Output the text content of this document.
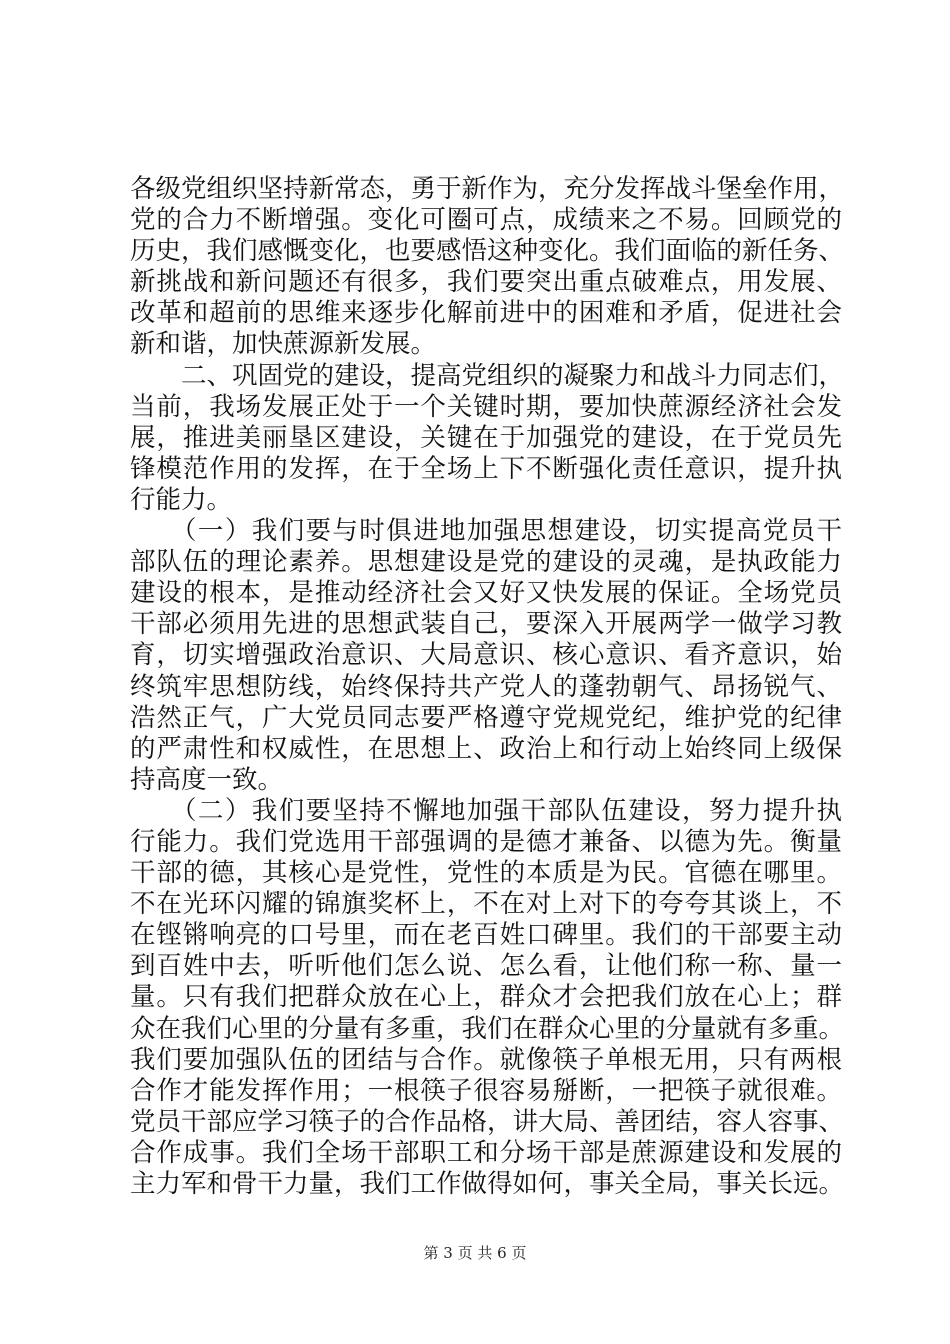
各级党组织坚持新常态，勇于新作为，充分发挥战斗堡垒作用，
党的合力不断增强。变化可圈可点，成绩来之不易。回顾党的
历史，我们感慨变化，也要感悟这种变化。我们面临的新任务、
新挑战和新问题还有很多，我们要突出重点破难点，用发展、
改革和超前的思维来逐步化解前进中的困难和矛盾，促进社会
新和谐，加快蔗源新发展。
　　二、巩固党的建设，提高党组织的凝聚力和战斗力同志们，
当前，我场发展正处于一个关键时期，要加快蔗源经济社会发
展，推进美丽垦区建设，关键在于加强党的建设，在于党员先
锋模范作用的发挥，在于全场上下不断强化责任意识，提升执
行能力。
　　（一）我们要与时俱进地加强思想建设，切实提高党员干
部队伍的理论素养。思想建设是党的建设的灵魂，是执政能力
建设的根本，是推动经济社会又好又快发展的保证。全场党员
干部必须用先进的思想武装自己，要深入开展两学一做学习教
育，切实增强政治意识、大局意识、核心意识、看齐意识，始
终筑牢思想防线，始终保持共产党人的蓬勃朝气、昂扬锐气、
浩然正气，广大党员同志要严格遵守党规党纪，维护党的纪律
的严肃性和权威性，在思想上、政治上和行动上始终同上级保
持高度一致。
　　（二）我们要坚持不懈地加强干部队伍建设，努力提升执
行能力。我们党选用干部强调的是德才兼备、以德为先。衡量
干部的德，其核心是党性，党性的本质是为民。官德在哪里。
不在光环闪耀的锦旗奖杯上，不在对上对下的夸夸其谈上，不
在铿锵响亮的口号里，而在老百姓口碑里。我们的干部要主动
到百姓中去，听听他们怎么说、怎么看，让他们称一称、量一
量。只有我们把群众放在心上，群众才会把我们放在心上；群
众在我们心里的分量有多重，我们在群众心里的分量就有多重。
我们要加强队伍的团结与合作。就像筷子单根无用，只有两根
合作才能发挥作用；一根筷子很容易掰断，一把筷子就很难。
党员干部应学习筷子的合作品格，讲大局、善团结，容人容事、
合作成事。我们全场干部职工和分场干部是蔗源建设和发展的
主力军和骨干力量，我们工作做得如何，事关全局，事关长远。
第 3 页 共 6 页
